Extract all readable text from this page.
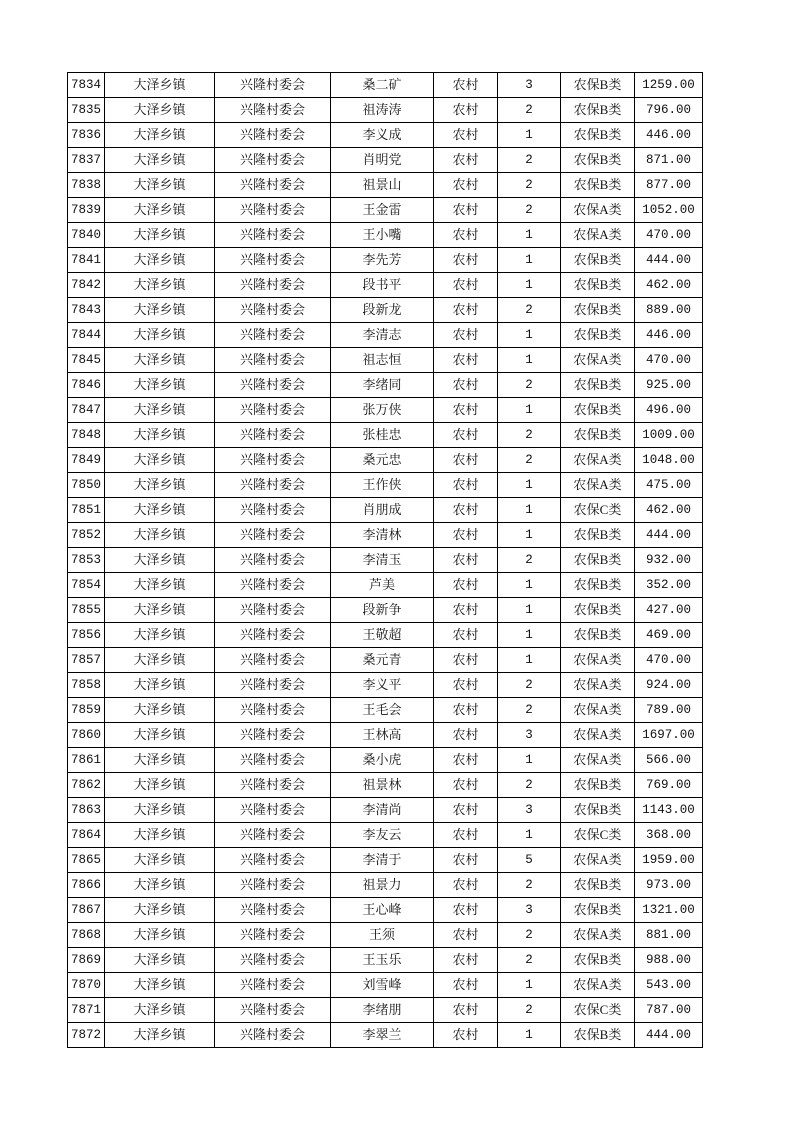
7834	大泽乡镇	兴隆村委会	桑二矿	农村	3	农保B类	1259.00
7835	大泽乡镇	兴隆村委会	祖涛涛	农村	2	农保B类	796.00
7836	大泽乡镇	兴隆村委会	李义成	农村	1	农保B类	446.00
7837	大泽乡镇	兴隆村委会	肖明党	农村	2	农保B类	871.00
7838	大泽乡镇	兴隆村委会	祖景山	农村	2	农保B类	877.00
7839	大泽乡镇	兴隆村委会	王金雷	农村	2	农保A类	1052.00
7840	大泽乡镇	兴隆村委会	王小嘴	农村	1	农保A类	470.00
7841	大泽乡镇	兴隆村委会	李先芳	农村	1	农保B类	444.00
7842	大泽乡镇	兴隆村委会	段书平	农村	1	农保B类	462.00
7843	大泽乡镇	兴隆村委会	段新龙	农村	2	农保B类	889.00
7844	大泽乡镇	兴隆村委会	李清志	农村	1	农保B类	446.00
7845	大泽乡镇	兴隆村委会	祖志恒	农村	1	农保A类	470.00
7846	大泽乡镇	兴隆村委会	李绪同	农村	2	农保B类	925.00
7847	大泽乡镇	兴隆村委会	张万侠	农村	1	农保B类	496.00
7848	大泽乡镇	兴隆村委会	张桂忠	农村	2	农保B类	1009.00
7849	大泽乡镇	兴隆村委会	桑元忠	农村	2	农保A类	1048.00
7850	大泽乡镇	兴隆村委会	王作侠	农村	1	农保A类	475.00
7851	大泽乡镇	兴隆村委会	肖朋成	农村	1	农保C类	462.00
7852	大泽乡镇	兴隆村委会	李清林	农村	1	农保B类	444.00
7853	大泽乡镇	兴隆村委会	李清玉	农村	2	农保B类	932.00
7854	大泽乡镇	兴隆村委会	芦美	农村	1	农保B类	352.00
7855	大泽乡镇	兴隆村委会	段新争	农村	1	农保B类	427.00
7856	大泽乡镇	兴隆村委会	王敬超	农村	1	农保B类	469.00
7857	大泽乡镇	兴隆村委会	桑元青	农村	1	农保A类	470.00
7858	大泽乡镇	兴隆村委会	李义平	农村	2	农保A类	924.00
7859	大泽乡镇	兴隆村委会	王毛会	农村	2	农保A类	789.00
7860	大泽乡镇	兴隆村委会	王林高	农村	3	农保A类	1697.00
7861	大泽乡镇	兴隆村委会	桑小虎	农村	1	农保A类	566.00
7862	大泽乡镇	兴隆村委会	祖景林	农村	2	农保B类	769.00
7863	大泽乡镇	兴隆村委会	李清尚	农村	3	农保B类	1143.00
7864	大泽乡镇	兴隆村委会	李友云	农村	1	农保C类	368.00
7865	大泽乡镇	兴隆村委会	李清于	农村	5	农保A类	1959.00
7866	大泽乡镇	兴隆村委会	祖景力	农村	2	农保B类	973.00
7867	大泽乡镇	兴隆村委会	王心峰	农村	3	农保B类	1321.00
7868	大泽乡镇	兴隆村委会	王须	农村	2	农保A类	881.00
7869	大泽乡镇	兴隆村委会	王玉乐	农村	2	农保B类	988.00
7870	大泽乡镇	兴隆村委会	刘雪峰	农村	1	农保A类	543.00
7871	大泽乡镇	兴隆村委会	李绪朋	农村	2	农保C类	787.00
7872	大泽乡镇	兴隆村委会	李翠兰	农村	1	农保B类	444.00
